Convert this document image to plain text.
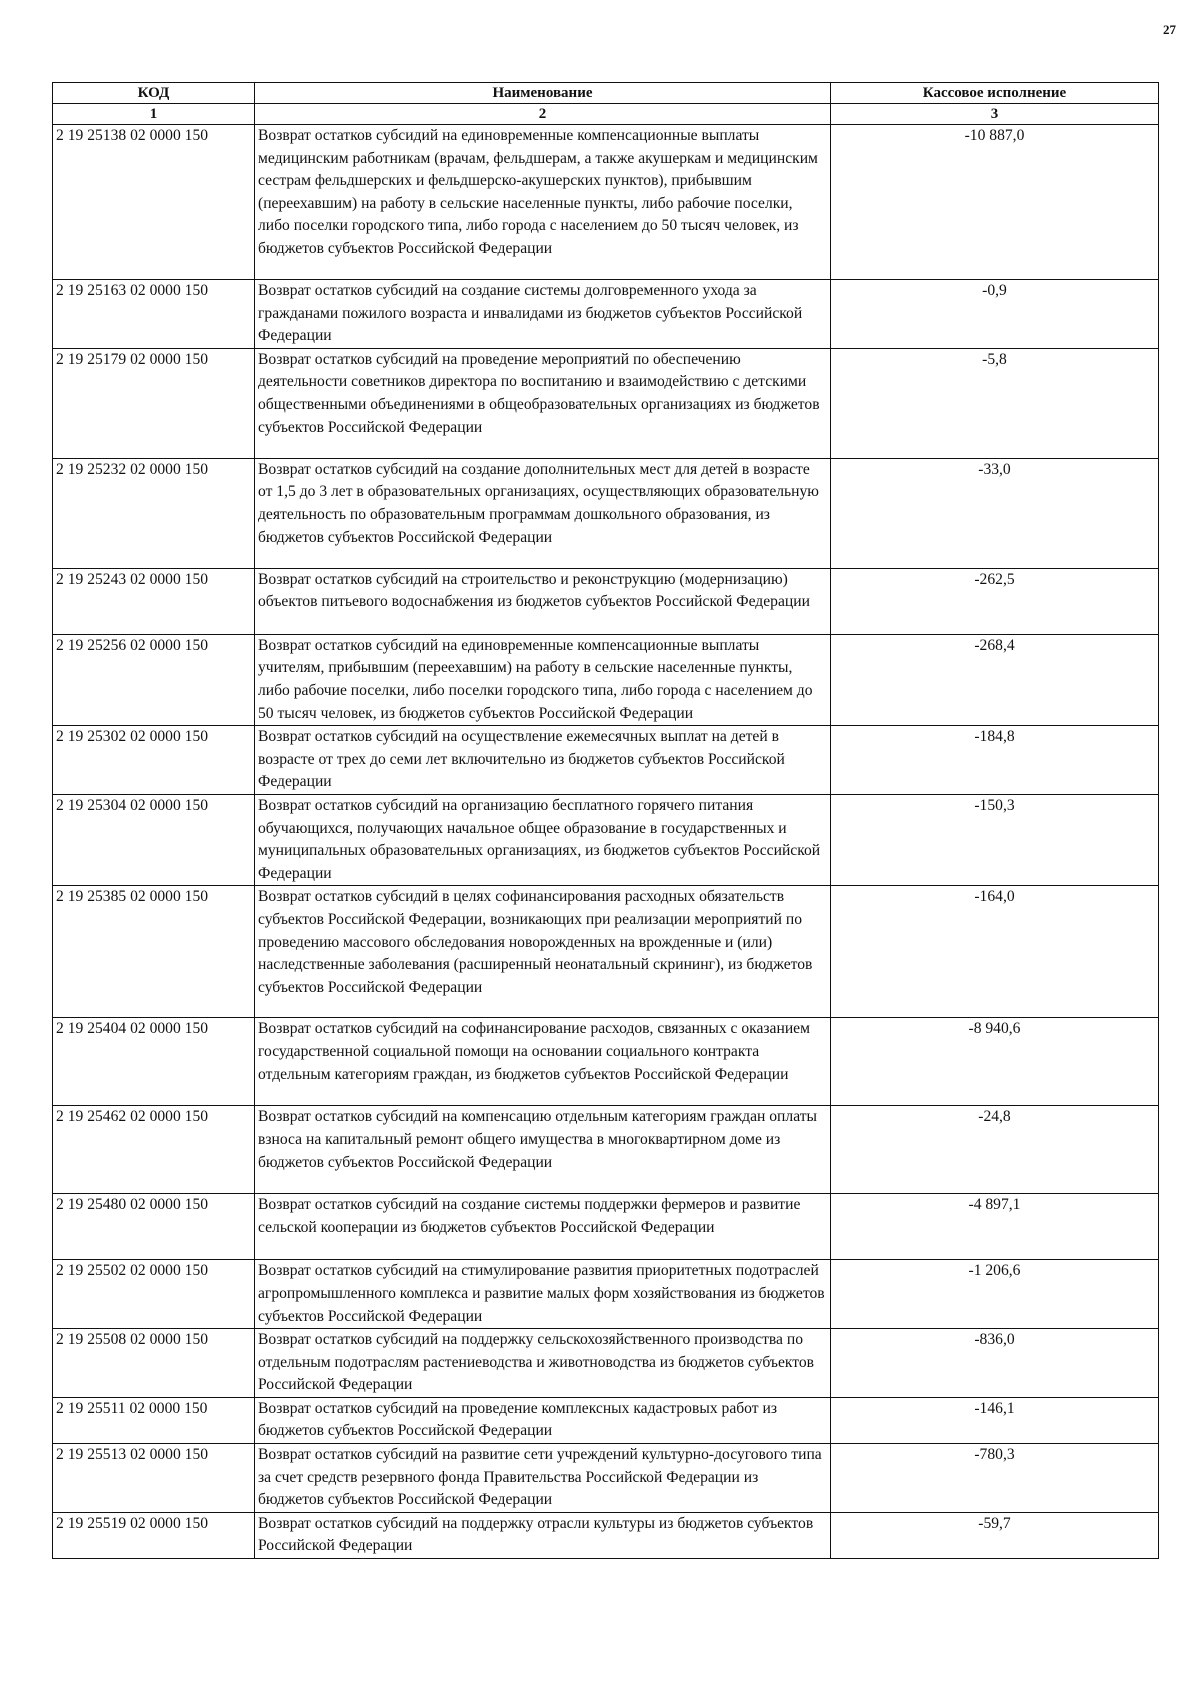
27
КОД	Наименование	Кассовое исполнение
1	2	3
2 19 25138 02 0000 150	Возврат остатков субсидий на единовременные компенсационные выплаты медицинским работникам (врачам, фельдшерам, а также акушеркам и медицинским сестрам фельдшерских и фельдшерско-акушерских пунктов), прибывшим (переехавшим) на работу в сельские населенные пункты, либо рабочие поселки, либо поселки городского типа, либо города с населением до 50 тысяч человек, из бюджетов субъектов Российской Федерации	-10 887,0
2 19 25163 02 0000 150	Возврат остатков субсидий на создание системы долговременного ухода за гражданами пожилого возраста и инвалидами из бюджетов субъектов Российской Федерации	-0,9
2 19 25179 02 0000 150	Возврат остатков субсидий на проведение мероприятий по обеспечению деятельности советников директора по воспитанию и взаимодействию с детскими общественными объединениями в общеобразовательных организациях из бюджетов субъектов Российской Федерации	-5,8
2 19 25232 02 0000 150	Возврат остатков субсидий на создание дополнительных мест для детей в возрасте от 1,5 до 3 лет в образовательных организациях, осуществляющих образовательную деятельность по образовательным программам дошкольного образования, из бюджетов субъектов Российской Федерации	-33,0
2 19 25243 02 0000 150	Возврат остатков субсидий на строительство и реконструкцию (модернизацию) объектов питьевого водоснабжения из бюджетов субъектов Российской Федерации	-262,5
2 19 25256 02 0000 150	Возврат остатков субсидий на единовременные компенсационные выплаты учителям, прибывшим (переехавшим) на работу в сельские населенные пункты, либо рабочие поселки, либо поселки городского типа, либо города с населением до 50 тысяч человек, из бюджетов субъектов Российской Федерации	-268,4
2 19 25302 02 0000 150	Возврат остатков субсидий на осуществление ежемесячных выплат на детей в возрасте от трех до семи лет включительно из бюджетов субъектов Российской Федерации	-184,8
2 19 25304 02 0000 150	Возврат остатков субсидий на организацию бесплатного горячего питания обучающихся, получающих начальное общее образование в государственных и муниципальных образовательных организациях, из бюджетов субъектов Российской Федерации	-150,3
2 19 25385 02 0000 150	Возврат остатков субсидий в целях софинансирования расходных обязательств субъектов Российской Федерации, возникающих при реализации мероприятий по проведению массового обследования новорожденных на врожденные и (или) наследственные заболевания (расширенный неонатальный скрининг), из бюджетов субъектов Российской Федерации	-164,0
2 19 25404 02 0000 150	Возврат остатков субсидий на софинансирование расходов, связанных с оказанием государственной социальной помощи на основании социального контракта отдельным категориям граждан, из бюджетов субъектов Российской Федерации	-8 940,6
2 19 25462 02 0000 150	Возврат остатков субсидий на компенсацию отдельным категориям граждан оплаты взноса на капитальный ремонт общего имущества в многоквартирном доме из бюджетов субъектов Российской Федерации	-24,8
2 19 25480 02 0000 150	Возврат остатков субсидий на создание системы поддержки фермеров и развитие сельской кооперации из бюджетов субъектов Российской Федерации	-4 897,1
2 19 25502 02 0000 150	Возврат остатков субсидий на стимулирование развития приоритетных подотраслей агропромышленного комплекса и развитие малых форм хозяйствования из бюджетов субъектов Российской Федерации	-1 206,6
2 19 25508 02 0000 150	Возврат остатков субсидий на поддержку сельскохозяйственного производства по отдельным подотраслям растениеводства и животноводства из бюджетов субъектов Российской Федерации	-836,0
2 19 25511 02 0000 150	Возврат остатков субсидий на проведение комплексных кадастровых работ из бюджетов субъектов Российской Федерации	-146,1
2 19 25513 02 0000 150	Возврат остатков субсидий на развитие сети учреждений культурно-досугового типа за счет средств резервного фонда Правительства Российской Федерации из бюджетов субъектов Российской Федерации	-780,3
2 19 25519 02 0000 150	Возврат остатков субсидий на поддержку отрасли культуры из бюджетов субъектов Российской Федерации	-59,7
